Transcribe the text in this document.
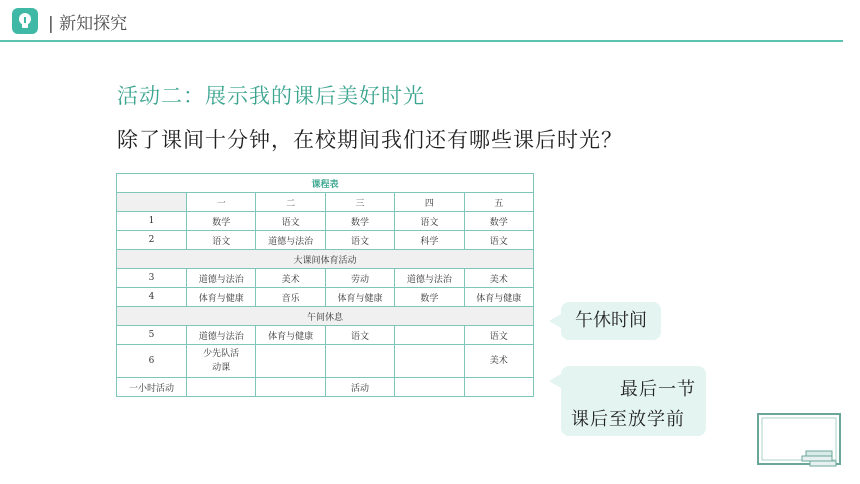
| 新知探究
活动二：展示我的课后美好时光
除了课间十分钟，在校期间我们还有哪些课后时光？
课程表					
	一	二	三	四	五
1	数学	语文	数学	语文	数学
2	语文	道德与法治	语文	科学	语文
大课间体育活动					
3	道德与法治	美术	劳动	道德与法治	美术
4	体育与健康	音乐	体育与健康	数学	体育与健康
午间休息					
5	道德与法治	体育与健康	语文		语文
6	少先队活动课				美术
一小时活动			活动		
午休时间
最后一节
课后至放学前
